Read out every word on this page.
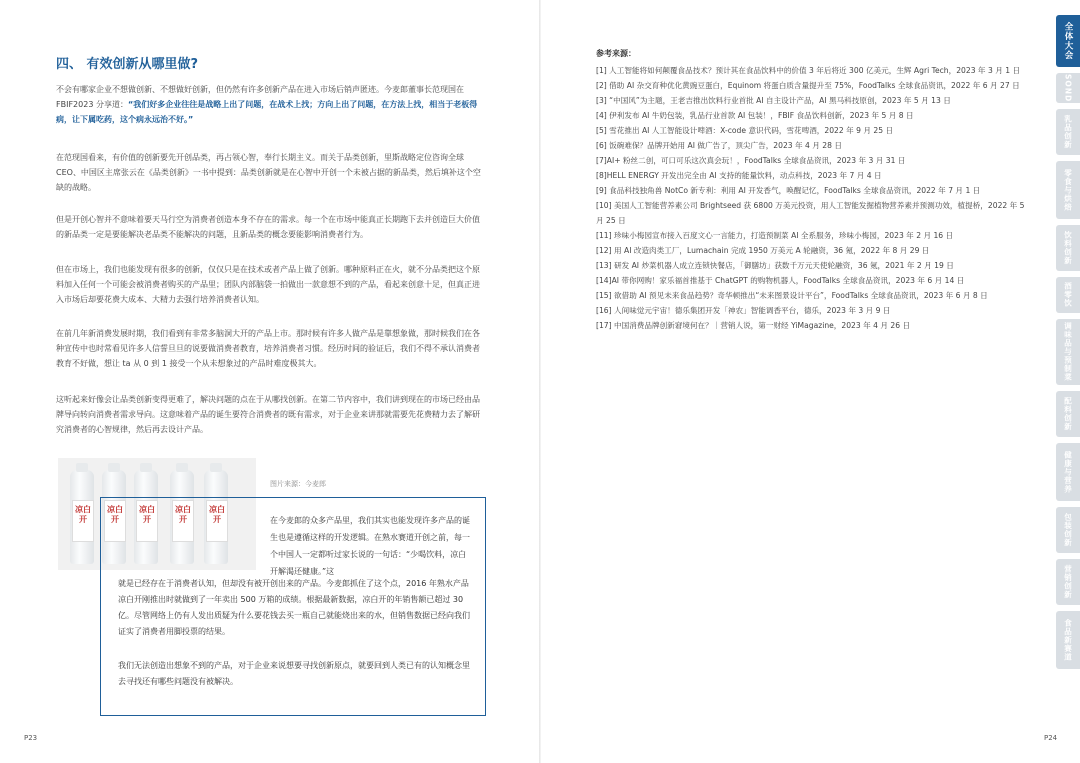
四、 有效创新从哪里做?

不会有哪家企业不想做创新、不想做好创新，但仍然有许多创新产品在进入市场后销声匿迹。今麦郎董事长范现国在 FBIF2023 分享道：“我们好多企业往往是战略上出了问题，在战术上找；方向上出了问题，在方法上找，相当于老板得病，让下属吃药，这个病永远治不好。”

在范现国看来，有价值的创新要先开创品类，再占领心智，奉行长期主义。而关于品类创新，里斯战略定位咨询全球 CEO、中国区主席张云在《品类创新》一书中提到：品类创新就是在心智中开创一个未被占据的新品类，然后填补这个空缺的战略。

但是开创心智并不意味着要天马行空为消费者创造本身不存在的需求。每一个在市场中能真正长期跑下去并创造巨大价值的新品类一定是要能解决老品类不能解决的问题，且新品类的概念要能影响消费者行为。

但在市场上，我们也能发现有很多的创新，仅仅只是在技术或者产品上做了创新。哪种原料正在火，就不分品类把这个原料加入任何一个可能会被消费者购买的产品里；团队内部脑袋一拍做出一款意想不到的产品，看起来创意十足，但真正进入市场后却要花费大成本、大精力去强行培养消费者认知。

在前几年新消费发展时期，我们看到有非常多脑洞大开的产品上市。那时候有许多人做产品是靠想象做，那时候我们在各种宣传中也时常看见许多人信誓旦旦的说要做消费者教育，培养消费者习惯。经历时间的验证后，我们不得不承认消费者教育不好做，想让 ta 从 0 到 1 接受一个从未想象过的产品时难度极其大。

这听起来好像会让品类创新变得更难了，解决问题的点在于从哪找创新。在第二节内容中，我们讲到现在的市场已经由品牌导向转向消费者需求导向。这意味着产品的诞生要符合消费者的既有需求，对于企业来讲那就需要先花费精力去了解研究消费者的心智规律，然后再去设计产品。

凉白开
凉白开
凉白开
凉白开
凉白开
图片来源：今麦郎

在今麦郎的众多产品里，我们其实也能发现许多产品的诞生也是遵循这样的开发逻辑。在熟水赛道开创之前，每一个中国人一定都听过家长说的一句话：“少喝饮料，凉白开解渴还健康。”这

就是已经存在于消费者认知，但却没有被开创出来的产品。今麦郎抓住了这个点，2016 年熟水产品凉白开刚推出时就做到了一年卖出 500 万箱的成绩。根据最新数据，凉白开的年销售额已超过 30 亿。尽管网络上仍有人发出质疑为什么要花钱去买一瓶自己就能烧出来的水，但销售数据已经向我们证实了消费者用脚投票的结果。

我们无法创造出想象不到的产品，对于企业来说想要寻找创新原点，就要回到人类已有的认知概念里去寻找还有哪些问题没有被解决。

P23
参考来源：
[1] 人工智能将如何颠覆食品技术？预计其在食品饮料中的价值 3 年后将近 300 亿美元，生辉 Agri Tech，2023 年 3 月 1 日
[2] 借助 AI 杂交育种优化黄豌豆蛋白，Equinom 将蛋白质含量提升至 75%，FoodTalks 全球食品资讯，2022 年 6 月 27 日
[3] “中国风”为主题，王老吉推出饮料行业首批 AI 自主设计产品，AI 黑马科技原创，2023 年 5 月 13 日
[4] 伊利发布 AI 牛奶包装，乳品行业首款 AI 包装！，FBIF 食品饮料创新，2023 年 5 月 8 日
[5] 雪花推出 AI 人工智能设计啤酒：X-code 意识代码，雪花啤酒，2022 年 9 月 25 日
[6] 饭碗难保？品牌开始用 AI 做广告了，顶尖广告，2023 年 4 月 28 日
[7]AI+ 粉丝二创，可口可乐这次真会玩！，FoodTalks 全球食品资讯，2023 年 3 月 31 日
[8]HELL ENERGY 开发出完全由 AI 支持的能量饮料，动点科技，2023 年 7 月 4 日
[9] 食品科技独角兽 NotCo 新专利：利用 AI 开发香气，唤醒记忆，FoodTalks 全球食品资讯，2022 年 7 月 1 日
[10] 美国人工智能营养素公司 Brightseed 获 6800 万美元投资，用人工智能发掘植物营养素并预测功效，植提桥，2022 年 5 月 25 日
[11] 珍味小梅园宣布接入百度文心一言能力，打造预制菜 AI 全系服务，珍味小梅园，2023 年 2 月 16 日
[12] 用 AI 改造肉类工厂，Lumachain 完成 1950 万美元 A 轮融资，36 氪，2022 年 8 月 29 日
[13] 研发 AI 炒菜机器人成立连锁快餐店，「御膳坊」获数千万元天使轮融资，36 氪，2021 年 2 月 19 日
[14]AI 带你网购！家乐福首推基于 ChatGPT 的购物机器人，FoodTalks 全球食品资讯，2023 年 6 月 14 日
[15] 欲借助 AI 预见未来食品趋势？奇华顿推出“未来图景设计平台”，FoodTalks 全球食品资讯，2023 年 6 月 8 日
[16] 人间味觉元宇宙！德乐集团开发「神农」智能调香平台，德乐，2023 年 3 月 9 日
[17] 中国消费品牌创新窘境何在？｜营销人说，第一财经 YiMagazine，2023 年 4 月 26 日
P24
全体大会
SOND
乳品创新
零食与烘焙
饮料创新
酒零饮
调味品与预制菜
配料创新
健康与营养
包装创新
营销创新
食品新赛道
